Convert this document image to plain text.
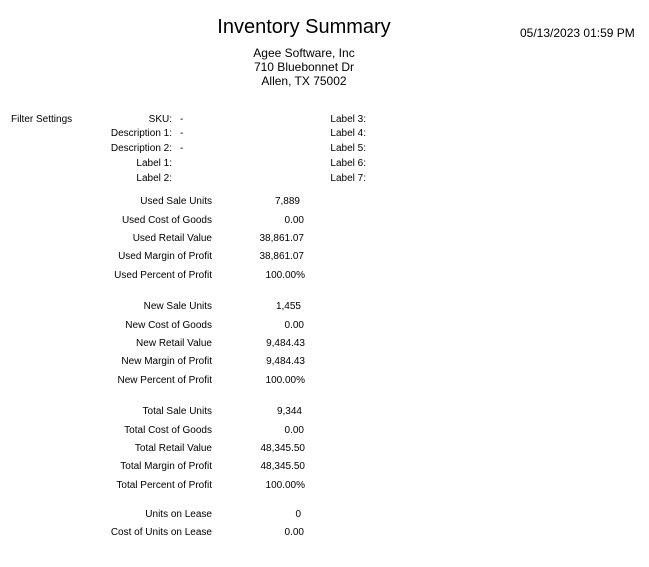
Inventory Summary	05/13/2023 01:59 PM
Agee Software, Inc
710 Bluebonnet Dr
Allen, TX 75002
Filter Settings	SKU: -
Description 1: -
Description 2: -
Label 1:
Label 2:
Label 3:
Label 4:
Label 5:
Label 6:
Label 7:
Used Sale Units	7,889
Used Cost of Goods	0.00
Used Retail Value	38,861.07
Used Margin of Profit	38,861.07
Used Percent of Profit	100.00%
New Sale Units	1,455
New Cost of Goods	0.00
New Retail Value	9,484.43
New Margin of Profit	9,484.43
New Percent of Profit	100.00%
Total Sale Units	9,344
Total Cost of Goods	0.00
Total Retail Value	48,345.50
Total Margin of Profit	48,345.50
Total Percent of Profit	100.00%
Units on Lease	0
Cost of Units on Lease	0.00
